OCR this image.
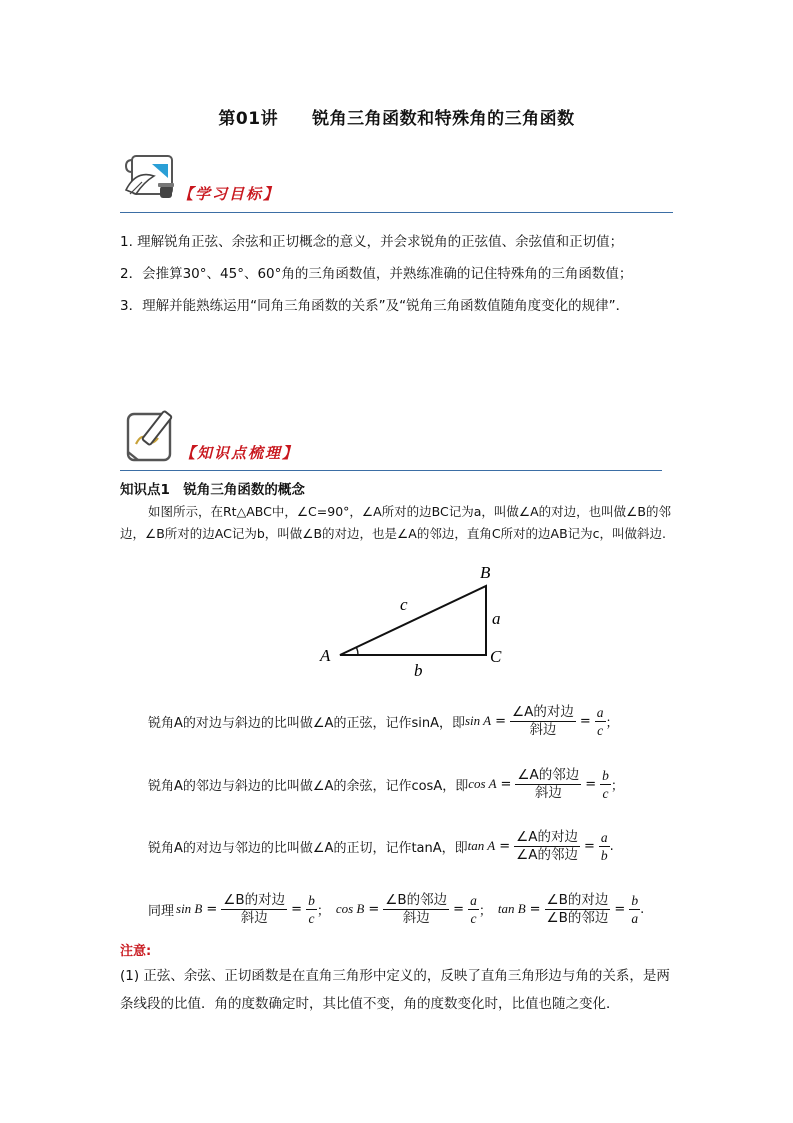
第01讲 锐角三角函数和特殊角的三角函数
【学习目标】
1. 理解锐角正弦、余弦和正切概念的意义，并会求锐角的正弦值、余弦值和正切值；
2．会推算30°、45°、60°角的三角函数值，并熟练准确的记住特殊角的三角函数值；
3．理解并能熟练运用“同角三角函数的关系”及“锐角三角函数值随角度变化的规律”．
【知识点梳理】
知识点1　锐角三角函数的概念
如图所示，在Rt△ABC中，∠C=90°，∠A所对的边BC记为a，叫做∠A的对边，也叫做∠B的邻边，∠B所对的边AC记为b，叫做∠B的对边，也是∠A的邻边，直角C所对的边AB记为c，叫做斜边.
A
B
C
a
b
c
锐角A的对边与斜边的比叫做∠A的正弦，记作sinA，即 $\sin A = \frac{\text{∠A的对边}}{\text{斜边}} = \frac{a}{c}$ ；
锐角A的邻边与斜边的比叫做∠A的余弦，记作cosA，即 $\cos A = \frac{\text{∠A的邻边}}{\text{斜边}} = \frac{b}{c}$ ；
锐角A的对边与邻边的比叫做∠A的正切，记作tanA，即 $\tan A = \frac{\text{∠A的对边}}{\text{∠A的邻边}} = \frac{a}{b}$ .
同理 $\sin B = \frac{\text{∠B的对边}}{\text{斜边}} = \frac{b}{c}$ ； $\cos B = \frac{\text{∠B的邻边}}{\text{斜边}} = \frac{a}{c}$ ； $\tan B = \frac{\text{∠B的对边}}{\text{∠B的邻边}} = \frac{b}{a}$ .
注意:
(1) 正弦、余弦、正切函数是在直角三角形中定义的，反映了直角三角形边与角的关系，是两条线段的比值．角的度数确定时，其比值不变，角的度数变化时，比值也随之变化．
